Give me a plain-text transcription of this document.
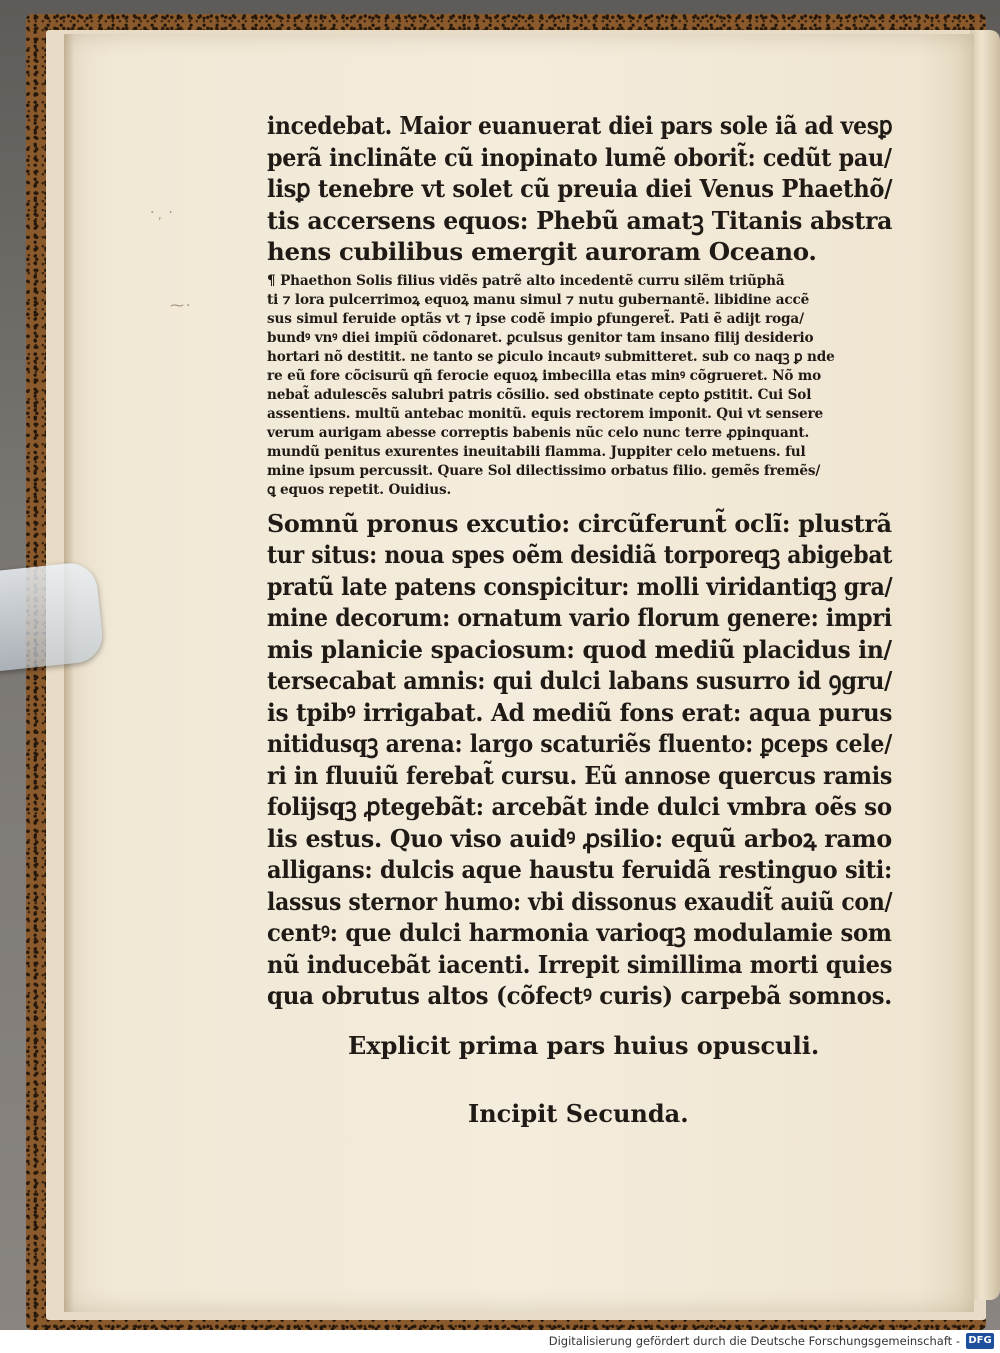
· ᷊ ·
⁓·
incedebat. Maior euanuerat diei pars sole iã ad vesꝑ
perã inclinãte cũ inopinato lumẽ oborit̃: cedũt pau/
lisꝑ tenebre vt solet cũ preuia diei Venus Phaethõ/
tis accersens equos: Phebũ amatꝫ Titanis abstra
hens cubilibus emergit auroram Oceano.
¶ Phaethon Solis filius vidẽs patrẽ alto incedentẽ curru silẽm triũphã
ti ⁊ lora pulcerrimoꝝ equoꝝ manu simul ⁊ nutu gubernantẽ. libidine accẽ
sus simul feruide optãs vt ⁊ ipse codẽ impio ꝑfungeret̃. Pati ẽ adijt roga/
bundꝰ vnꝰ diei impiũ cõdonaret. ꝑculsus genitor tam insano filij desiderio
hortari nõ destitit. ne tanto se ꝑiculo incautꝰ submitteret. sub co naqꝫ ꝑ nde
re eũ fore cõcisurũ qñ ferocie equoꝝ imbecilla etas minꝰ cõgrueret. Nõ mo
nebat̃ adulescẽs salubri patris cõsilio. sed obstinate cepto ꝑstitit. Cui Sol
assentiens. multũ antebac monitũ. equis rectorem imponit. Qui vt sensere
verum aurigam abesse correptis babenis nũc celo nunc terre ꝓpinquant.
mundũ penitus exurentes ineuitabili flamma. Juppiter celo metuens. ful
mine ipsum percussit. Quare Sol dilectissimo orbatus filio. gemẽs fremẽs/
ꝗ equos repetit. Ouidius.
Somnũ pronus excutio: circũferunt̃ oclĩ: plustrã
tur situs: noua spes oẽm desidiã torporeqꝫ abigebat
pratũ late patens conspicitur: molli viridantiqꝫ gra/
mine decorum: ornatum vario florum genere: impri
mis planicie spaciosum: quod mediũ placidus in/
tersecabat amnis: qui dulci labans susurro id ꝯgru/
is tpibꝰ irrigabat. Ad mediũ fons erat: aqua purus
nitidusqꝫ arena: largo scaturiẽs fluento: ꝑceps cele/
ri in fluuiũ ferebat̃ cursu. Eũ annose quercus ramis
folijsqꝫ ꝓtegebãt: arcebãt inde dulci vmbra oẽs so
lis estus. Quo viso auidꝰ ꝓsilio: equũ arboꝝ ramo
alligans: dulcis aque haustu feruidã restinguo siti:
lassus sternor humo: vbi dissonus exaudit̃ auiũ con/
centꝰ: que dulci harmonia varioqꝫ modulamie som
nũ inducebãt iacenti. Irrepit simillima morti quies
qua obrutus altos (cõfectꝰ curis) carpebã somnos.
Explicit prima pars huius opusculi.
Incipit Secunda.
Digitalisierung gefördert durch die Deutsche Forschungsgemeinschaft - DFG
